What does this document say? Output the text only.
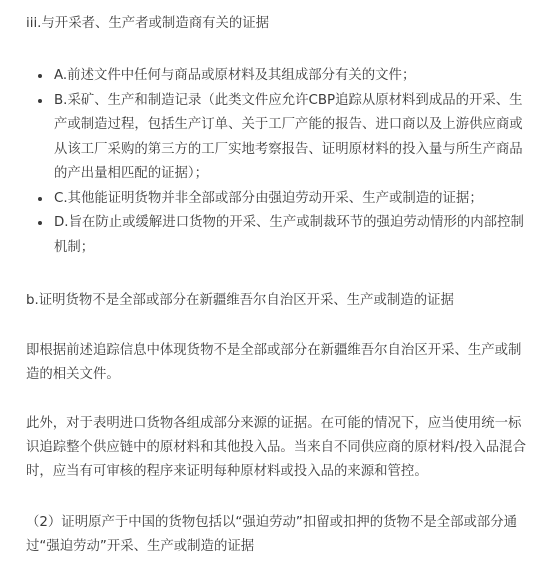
iii.与开采者、生产者或制造商有关的证据

A.前述文件中任何与商品或原材料及其组成部分有关的文件；
B.采矿、生产和制造记录（此类文件应允许CBP追踪从原材料到成品的开采、生产或制造过程，包括生产订单、关于工厂产能的报告、进口商以及上游供应商或从该工厂采购的第三方的工厂实地考察报告、证明原材料的投入量与所生产商品的产出量相匹配的证据）；
C.其他能证明货物并非全部或部分由强迫劳动开采、生产或制造的证据；
D.旨在防止或缓解进口货物的开采、生产或制裁环节的强迫劳动情形的内部控制机制；

b.证明货物不是全部或部分在新疆维吾尔自治区开采、生产或制造的证据

即根据前述追踪信息中体现货物不是全部或部分在新疆维吾尔自治区开采、生产或制造的相关文件。

此外，对于表明进口货物各组成部分来源的证据。在可能的情况下，应当使用统一标识追踪整个供应链中的原材料和其他投入品。当来自不同供应商的原材料/投入品混合时，应当有可审核的程序来证明每种原材料或投入品的来源和管控。

（2）证明原产于中国的货物包括以“强迫劳动”扣留或扣押的货物不是全部或部分通过“强迫劳动”开采、生产或制造的证据
